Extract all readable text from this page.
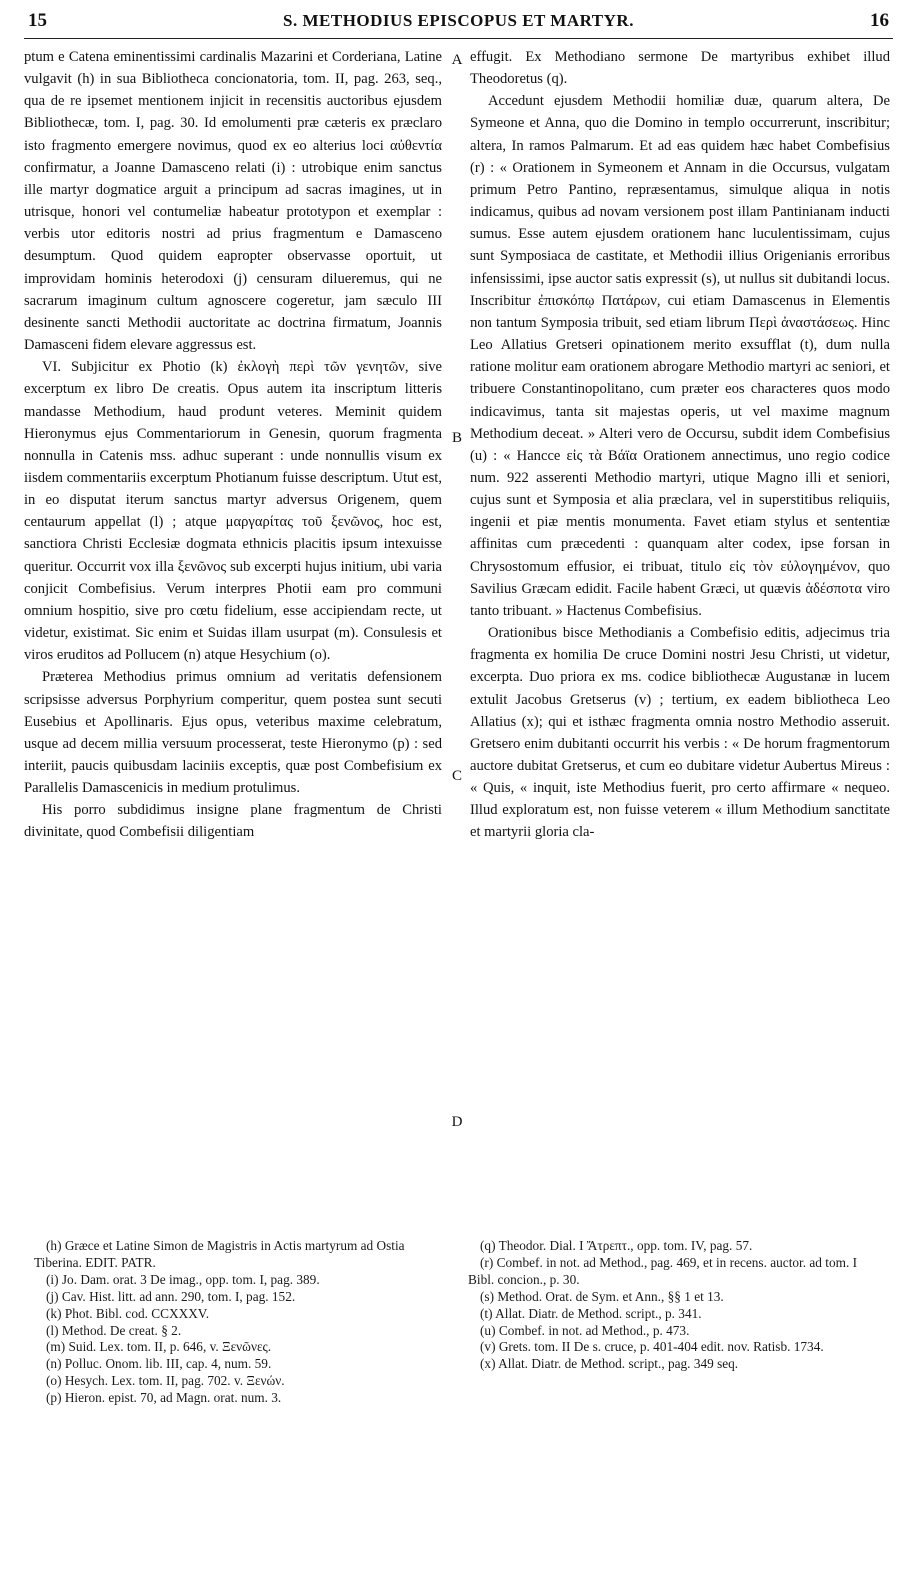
15	S. METHODIUS EPISCOPUS ET MARTYR.	16

ptum e Catena eminentissimi cardinalis Mazarini et Corderiana, Latine vulgavit (h) in sua Bibliotheca concionatoria, tom. II, pag. 263, seq., qua de re ipsemet mentionem injicit in recensitis auctoribus ejusdem Bibliothecæ, tom. I, pag. 30. Id emolumenti præ cæteris ex præclaro isto fragmento emergere novimus, quod ex eo alterius loci αὐθεντία confirmatur, a Joanne Damasceno relati (i) : utrobique enim sanctus ille martyr dogmatice arguit a principum ad sacras imagines, ut in utrisque, honori vel contumeliæ habeatur prototypon et exemplar : verbis utor editoris nostri ad prius fragmentum e Damasceno desumptum. Quod quidem eapropter observasse oportuit, ut improvidam hominis heterodoxi (j) censuram dilueremus, qui ne sacrarum imaginum cultum agnoscere cogeretur, jam sæculo III desinente sancti Methodii auctoritate ac doctrina firmatum, Joannis Damasceni fidem elevare aggressus est.

VI. Subjicitur ex Photio (k) ἐκλογὴ περὶ τῶν γενητῶν, sive excerptum ex libro De creatis. Opus autem ita inscriptum litteris mandasse Methodium, haud produnt veteres. Meminit quidem Hieronymus ejus Commentariorum in Genesin, quorum fragmenta nonnulla in Catenis mss. adhuc superant : unde nonnullis visum ex iisdem commentariis excerptum Photianum fuisse descriptum. Utut est, in eo disputat iterum sanctus martyr adversus Origenem, quem centaurum appellat (l) ; atque μαργαρίτας τοῦ ξενῶνος, hoc est, sanctiora Christi Ecclesiæ dogmata ethnicis placitis ipsum intexuisse queritur. Occurrit vox illa ξενῶνος sub excerpti hujus initium, ubi varia conjicit Combefisius. Verum interpres Photii eam pro communi omnium hospitio, sive pro cœtu fidelium, esse accipiendam recte, ut videtur, existimat. Sic enim et Suidas illam usurpat (m). Consulesis et viros eruditos ad Pollucem (n) atque Hesychium (o).

Præterea Methodius primus omnium ad veritatis defensionem scripsisse adversus Porphyrium comperitur, quem postea sunt secuti Eusebius et Apollinaris. Ejus opus, veteribus maxime celebratum, usque ad decem millia versuum processerat, teste Hieronymo (p) : sed interiit, paucis quibusdam laciniis exceptis, quæ post Combefisium ex Parallelis Damascenicis in medium protulimus.

His porro subdidimus insigne plane fragmentum de Christi divinitate, quod Combefisii diligentiam

A
B
C
D

effugit. Ex Methodiano sermone De martyribus exhibet illud Theodoretus (q).

Accedunt ejusdem Methodii homiliæ duæ, quarum altera, De Symeone et Anna, quo die Domino in templo occurrerunt, inscribitur; altera, In ramos Palmarum. Et ad eas quidem hæc habet Combefisius (r) : « Orationem in Symeonem et Annam in die Occursus, vulgatam primum Petro Pantino, repræsentamus, simulque aliqua in notis indicamus, quibus ad novam versionem post illam Pantinianam inducti sumus. Esse autem ejusdem orationem hanc luculentissimam, cujus sunt Symposiaca de castitate, et Methodii illius Origenianis erroribus infensissimi, ipse auctor satis expressit (s), ut nullus sit dubitandi locus. Inscribitur ἐπισκόπῳ Πατάρων, cui etiam Damascenus in Elementis non tantum Symposia tribuit, sed etiam librum Περὶ ἀναστάσεως. Hinc Leo Allatius Gretseri opinationem merito exsufflat (t), dum nulla ratione molitur eam orationem abrogare Methodio martyri ac seniori, et tribuere Constantinopolitano, cum præter eos characteres quos modo indicavimus, tanta sit majestas operis, ut vel maxime magnum Methodium deceat. » Alteri vero de Occursu, subdit idem Combefisius (u) : « Hancce εἰς τὰ Βάϊα Orationem annectimus, uno regio codice num. 922 asserenti Methodio martyri, utique Magno illi et seniori, cujus sunt et Symposia et alia præclara, vel in superstitibus reliquiis, ingenii et piæ mentis monumenta. Favet etiam stylus et sententiæ affinitas cum præcedenti : quanquam alter codex, ipse forsan in Chrysostomum effusior, ei tribuat, titulo εἰς τὸν εὐλογημένον, quo Savilius Græcam edidit. Facile habent Græci, ut quævis ἀδέσποτα viro tanto tribuant. » Hactenus Combefisius.

Orationibus bisce Methodianis a Combefisio editis, adjecimus tria fragmenta ex homilia De cruce Domini nostri Jesu Christi, ut videtur, excerpta. Duo priora ex ms. codice bibliothecæ Augustanæ in lucem extulit Jacobus Gretserus (v) ; tertium, ex eadem bibliotheca Leo Allatius (x); qui et isthæc fragmenta omnia nostro Methodio asseruit. Gretsero enim dubitanti occurrit his verbis : « De horum fragmentorum auctore dubitat Gretserus, et cum eo dubitare videtur Aubertus Mireus : « Quis, « inquit, iste Methodius fuerit, pro certo affirmare « nequeo. Illud exploratum est, non fuisse veterem « illum Methodium sanctitate et martyrii gloria cla-

(h) Græce et Latine Simon de Magistris in Actis martyrum ad Ostia Tiberina. EDIT. PATR.

(i) Jo. Dam. orat. 3 De imag., opp. tom. I, pag. 389.

(j) Cav. Hist. litt. ad ann. 290, tom. I, pag. 152.

(k) Phot. Bibl. cod. CCXXXV.

(l) Method. De creat. § 2.

(m) Suid. Lex. tom. II, p. 646, v. Ξενῶνες.

(n) Polluc. Onom. lib. III, cap. 4, num. 59.

(o) Hesych. Lex. tom. II, pag. 702. v. Ξενών.

(p) Hieron. epist. 70, ad Magn. orat. num. 3.

(q) Theodor. Dial. I Ἄτρεπτ., opp. tom. IV, pag. 57.

(r) Combef. in not. ad Method., pag. 469, et in recens. auctor. ad tom. I Bibl. concion., p. 30.

(s) Method. Orat. de Sym. et Ann., §§ 1 et 13.

(t) Allat. Diatr. de Method. script., p. 341.

(u) Combef. in not. ad Method., p. 473.

(v) Grets. tom. II De s. cruce, p. 401-404 edit. nov. Ratisb. 1734.

(x) Allat. Diatr. de Method. script., pag. 349 seq.
